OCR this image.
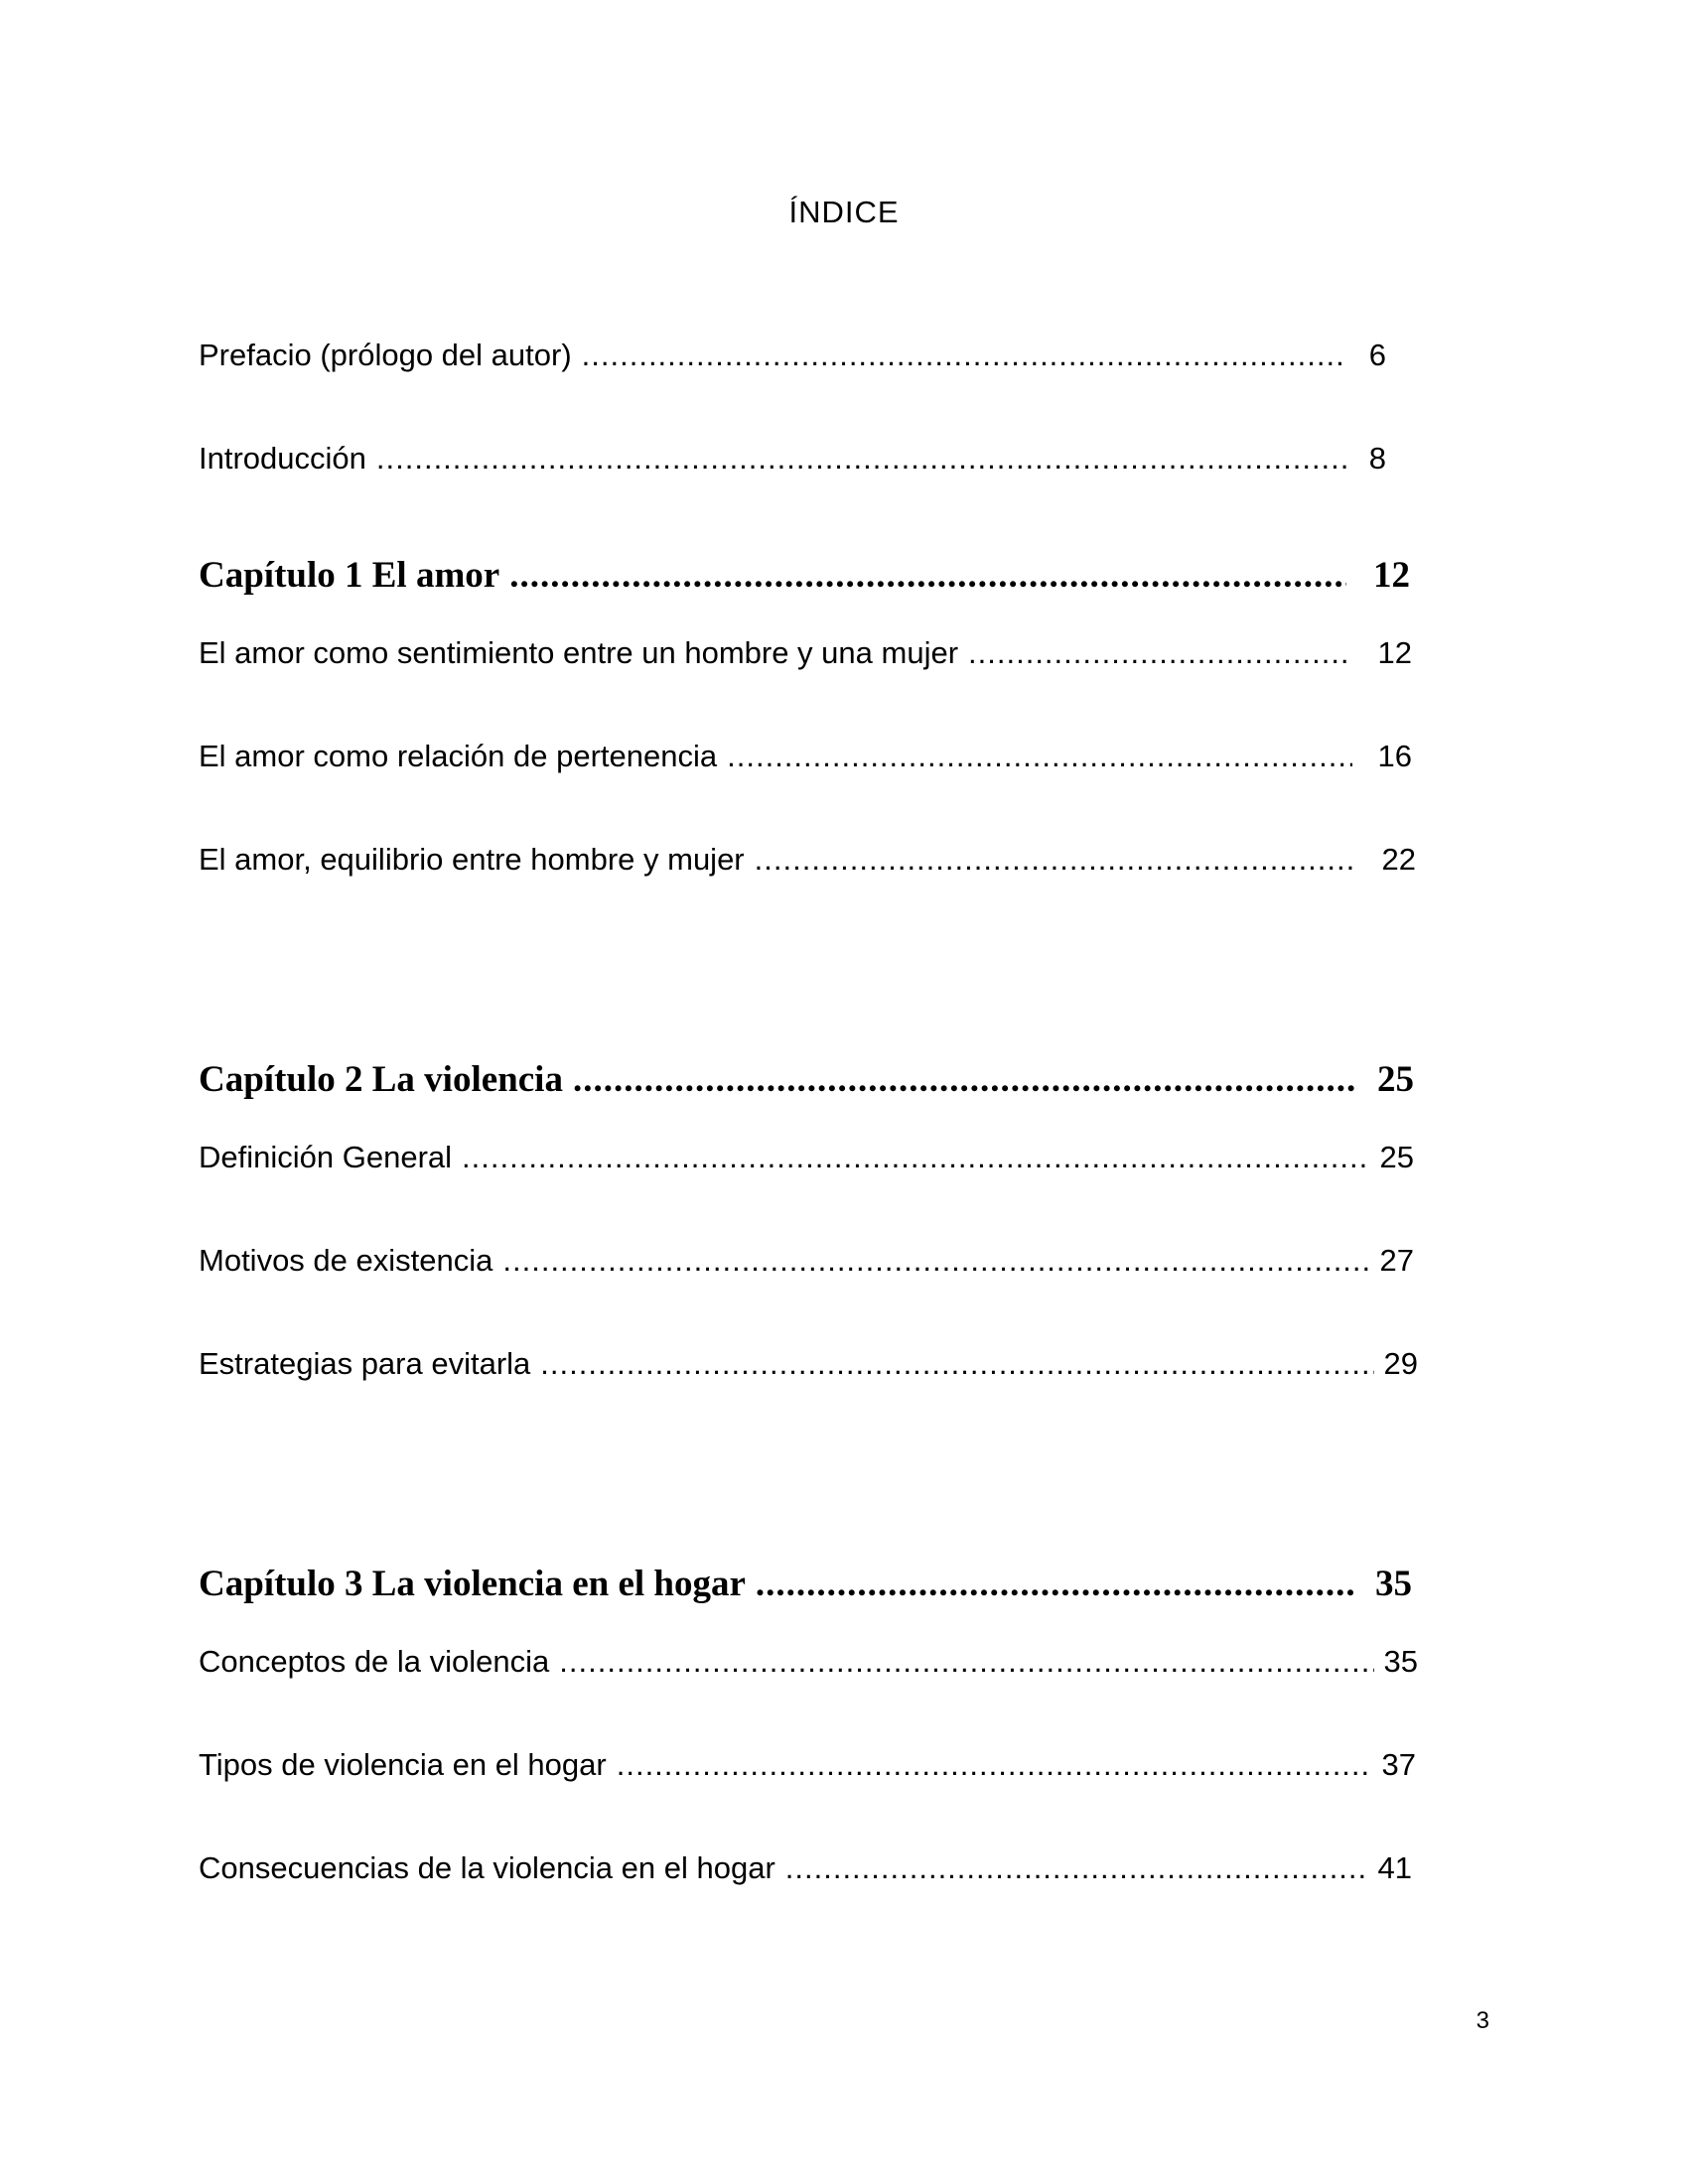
ÍNDICE
Prefacio (prólogo del autor) .....	6
Introducción .....	8
Capítulo 1 El amor .....	12
El amor como sentimiento entre un hombre y una mujer .....	12
El amor como relación de pertenencia .....	16
El amor, equilibrio entre hombre y mujer .....	22
Capítulo 2 La violencia .....	25
Definición General .....	25
Motivos de existencia .....	27
Estrategias para evitarla .....	29
Capítulo 3 La violencia en el hogar .....	35
Conceptos de la violencia .....	35
Tipos de violencia en el hogar .....	37
Consecuencias de la violencia en el hogar .....	41
3
